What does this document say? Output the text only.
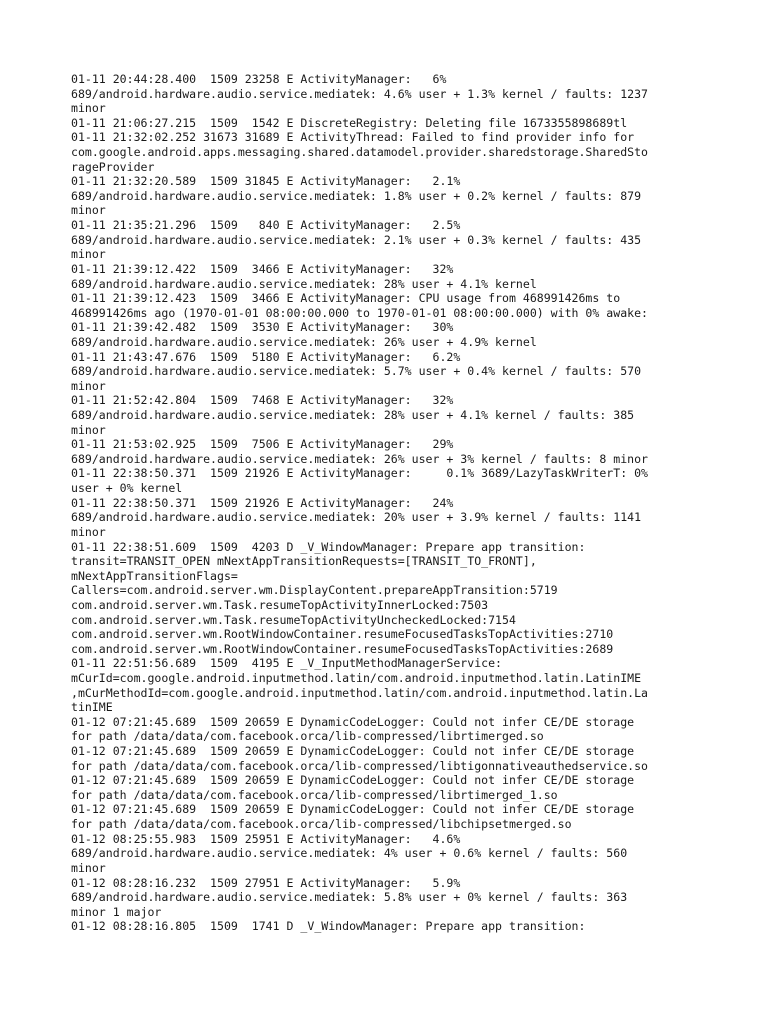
01-11 20:44:28.400  1509 23258 E ActivityManager:   6%
689/android.hardware.audio.service.mediatek: 4.6% user + 1.3% kernel / faults: 1237
minor
01-11 21:06:27.215  1509  1542 E DiscreteRegistry: Deleting file 1673355898689tl
01-11 21:32:02.252 31673 31689 E ActivityThread: Failed to find provider info for
com.google.android.apps.messaging.shared.datamodel.provider.sharedstorage.SharedSto
rageProvider
01-11 21:32:20.589  1509 31845 E ActivityManager:   2.1%
689/android.hardware.audio.service.mediatek: 1.8% user + 0.2% kernel / faults: 879
minor
01-11 21:35:21.296  1509   840 E ActivityManager:   2.5%
689/android.hardware.audio.service.mediatek: 2.1% user + 0.3% kernel / faults: 435
minor
01-11 21:39:12.422  1509  3466 E ActivityManager:   32%
689/android.hardware.audio.service.mediatek: 28% user + 4.1% kernel
01-11 21:39:12.423  1509  3466 E ActivityManager: CPU usage from 468991426ms to
468991426ms ago (1970-01-01 08:00:00.000 to 1970-01-01 08:00:00.000) with 0% awake:
01-11 21:39:42.482  1509  3530 E ActivityManager:   30%
689/android.hardware.audio.service.mediatek: 26% user + 4.9% kernel
01-11 21:43:47.676  1509  5180 E ActivityManager:   6.2%
689/android.hardware.audio.service.mediatek: 5.7% user + 0.4% kernel / faults: 570
minor
01-11 21:52:42.804  1509  7468 E ActivityManager:   32%
689/android.hardware.audio.service.mediatek: 28% user + 4.1% kernel / faults: 385
minor
01-11 21:53:02.925  1509  7506 E ActivityManager:   29%
689/android.hardware.audio.service.mediatek: 26% user + 3% kernel / faults: 8 minor
01-11 22:38:50.371  1509 21926 E ActivityManager:     0.1% 3689/LazyTaskWriterT: 0%
user + 0% kernel
01-11 22:38:50.371  1509 21926 E ActivityManager:   24%
689/android.hardware.audio.service.mediatek: 20% user + 3.9% kernel / faults: 1141
minor
01-11 22:38:51.609  1509  4203 D _V_WindowManager: Prepare app transition:
transit=TRANSIT_OPEN mNextAppTransitionRequests=[TRANSIT_TO_FRONT],
mNextAppTransitionFlags=
Callers=com.android.server.wm.DisplayContent.prepareAppTransition:5719
com.android.server.wm.Task.resumeTopActivityInnerLocked:7503
com.android.server.wm.Task.resumeTopActivityUncheckedLocked:7154
com.android.server.wm.RootWindowContainer.resumeFocusedTasksTopActivities:2710
com.android.server.wm.RootWindowContainer.resumeFocusedTasksTopActivities:2689
01-11 22:51:56.689  1509  4195 E _V_InputMethodManagerService:
mCurId=com.google.android.inputmethod.latin/com.android.inputmethod.latin.LatinIME
,mCurMethodId=com.google.android.inputmethod.latin/com.android.inputmethod.latin.La
tinIME
01-12 07:21:45.689  1509 20659 E DynamicCodeLogger: Could not infer CE/DE storage
for path /data/data/com.facebook.orca/lib-compressed/librtimerged.so
01-12 07:21:45.689  1509 20659 E DynamicCodeLogger: Could not infer CE/DE storage
for path /data/data/com.facebook.orca/lib-compressed/libtigonnativeauthedservice.so
01-12 07:21:45.689  1509 20659 E DynamicCodeLogger: Could not infer CE/DE storage
for path /data/data/com.facebook.orca/lib-compressed/librtimerged_1.so
01-12 07:21:45.689  1509 20659 E DynamicCodeLogger: Could not infer CE/DE storage
for path /data/data/com.facebook.orca/lib-compressed/libchipsetmerged.so
01-12 08:25:55.983  1509 25951 E ActivityManager:   4.6%
689/android.hardware.audio.service.mediatek: 4% user + 0.6% kernel / faults: 560
minor
01-12 08:28:16.232  1509 27951 E ActivityManager:   5.9%
689/android.hardware.audio.service.mediatek: 5.8% user + 0% kernel / faults: 363
minor 1 major
01-12 08:28:16.805  1509  1741 D _V_WindowManager: Prepare app transition:
